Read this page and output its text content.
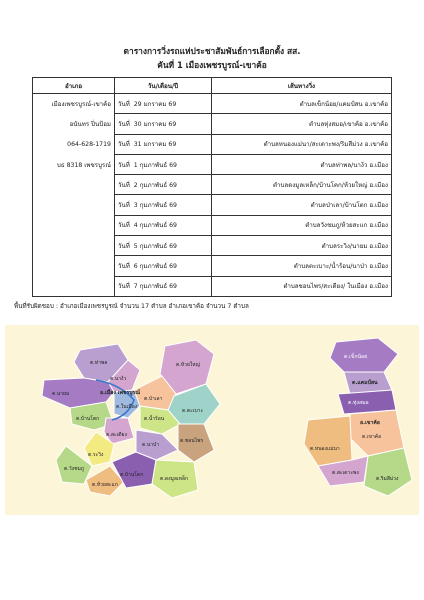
ตารางการวิ่งรถแห่ประชาสัมพันธ์การเลือกตั้ง สส.
คันที่ 1 เมืองเพชรบูรณ์-เขาค้อ
อำเภอ	วัน/เดือน/ปี	เส้นทางวิ่ง
เมืองเพชรบูรณ์-เขาค้อ	วันที่ 29 มกราคม 69	ตำบลเข็กน้อย/แคมป์สน อ.เขาค้อ
อนันทร ปิ่นป้อม	วันที่ 30 มกราคม 69	ตำบลทุ่งสมอ/เขาค้อ อ.เขาค้อ
064-628-1719	วันที่ 31 มกราคม 69	ตำบลหนองแม่นา/สะเดาะพง/ริมสีม่วง อ.เขาค้อ
บธ 8318 เพชรบูรณ์	วันที่ 1 กุมภาพันธ์ 69	ตำบลท่าพล/นาง้ว อ.เมือง
	วันที่ 2 กุมภาพันธ์ 69	ตำบลดงมูลเหล็ก/บ้านโคก/ห้วยใหญ่ อ.เมือง
	วันที่ 3 กุมภาพันธ์ 69	ตำบลป่าเลา/บ้านโตก อ.เมือง
	วันที่ 4 กุมภาพันธ์ 69	ตำบลวังชมภู/ห้วยสะแก อ.เมือง
	วันที่ 5 กุมภาพันธ์ 69	ตำบลระวิง/นายม อ.เมือง
	วันที่ 6 กุมภาพันธ์ 69	ตำบลตะเบาะ/น้ำร้อน/นาป่า อ.เมือง
	วันที่ 7 กุมภาพันธ์ 69	ตำบลชอนไพร/สะเดียง/ ในเมือง อ.เมือง
พื้นที่รับผิดชอบ : อำเภอเมืองเพชรบูรณ์ จำนวน 17 ตำบล อำเภอเขาค้อ จำนวน 7 ตำบล
ต.ท่าพล
ต.นาง้ว
ต.ห้วยใหญ่
ต.นายม
ต.ป่าเลา
ต.ตะเบาะ
ต.บ้านโตก
ต.สะเดียง
ต.นาป่า
ต.ชอนไพร
ต.ระวิง
ต.วังชมภู
ต.ห้วยสะแก
ต.บ้านโคก
ต.ในเมือง
ต.น้ำร้อน
ต.ดงมูลเหล็ก
อ.เมือง เพชรบูรณ์
ต.เข็กน้อย
ต.แคมป์สน
ต.ทุ่งสมอ
ต.เขาค้อ
ต.หนองแม่นา
ต.สะเดาะพง
ต.ริมสีม่วง
อ.เขาค้อ
